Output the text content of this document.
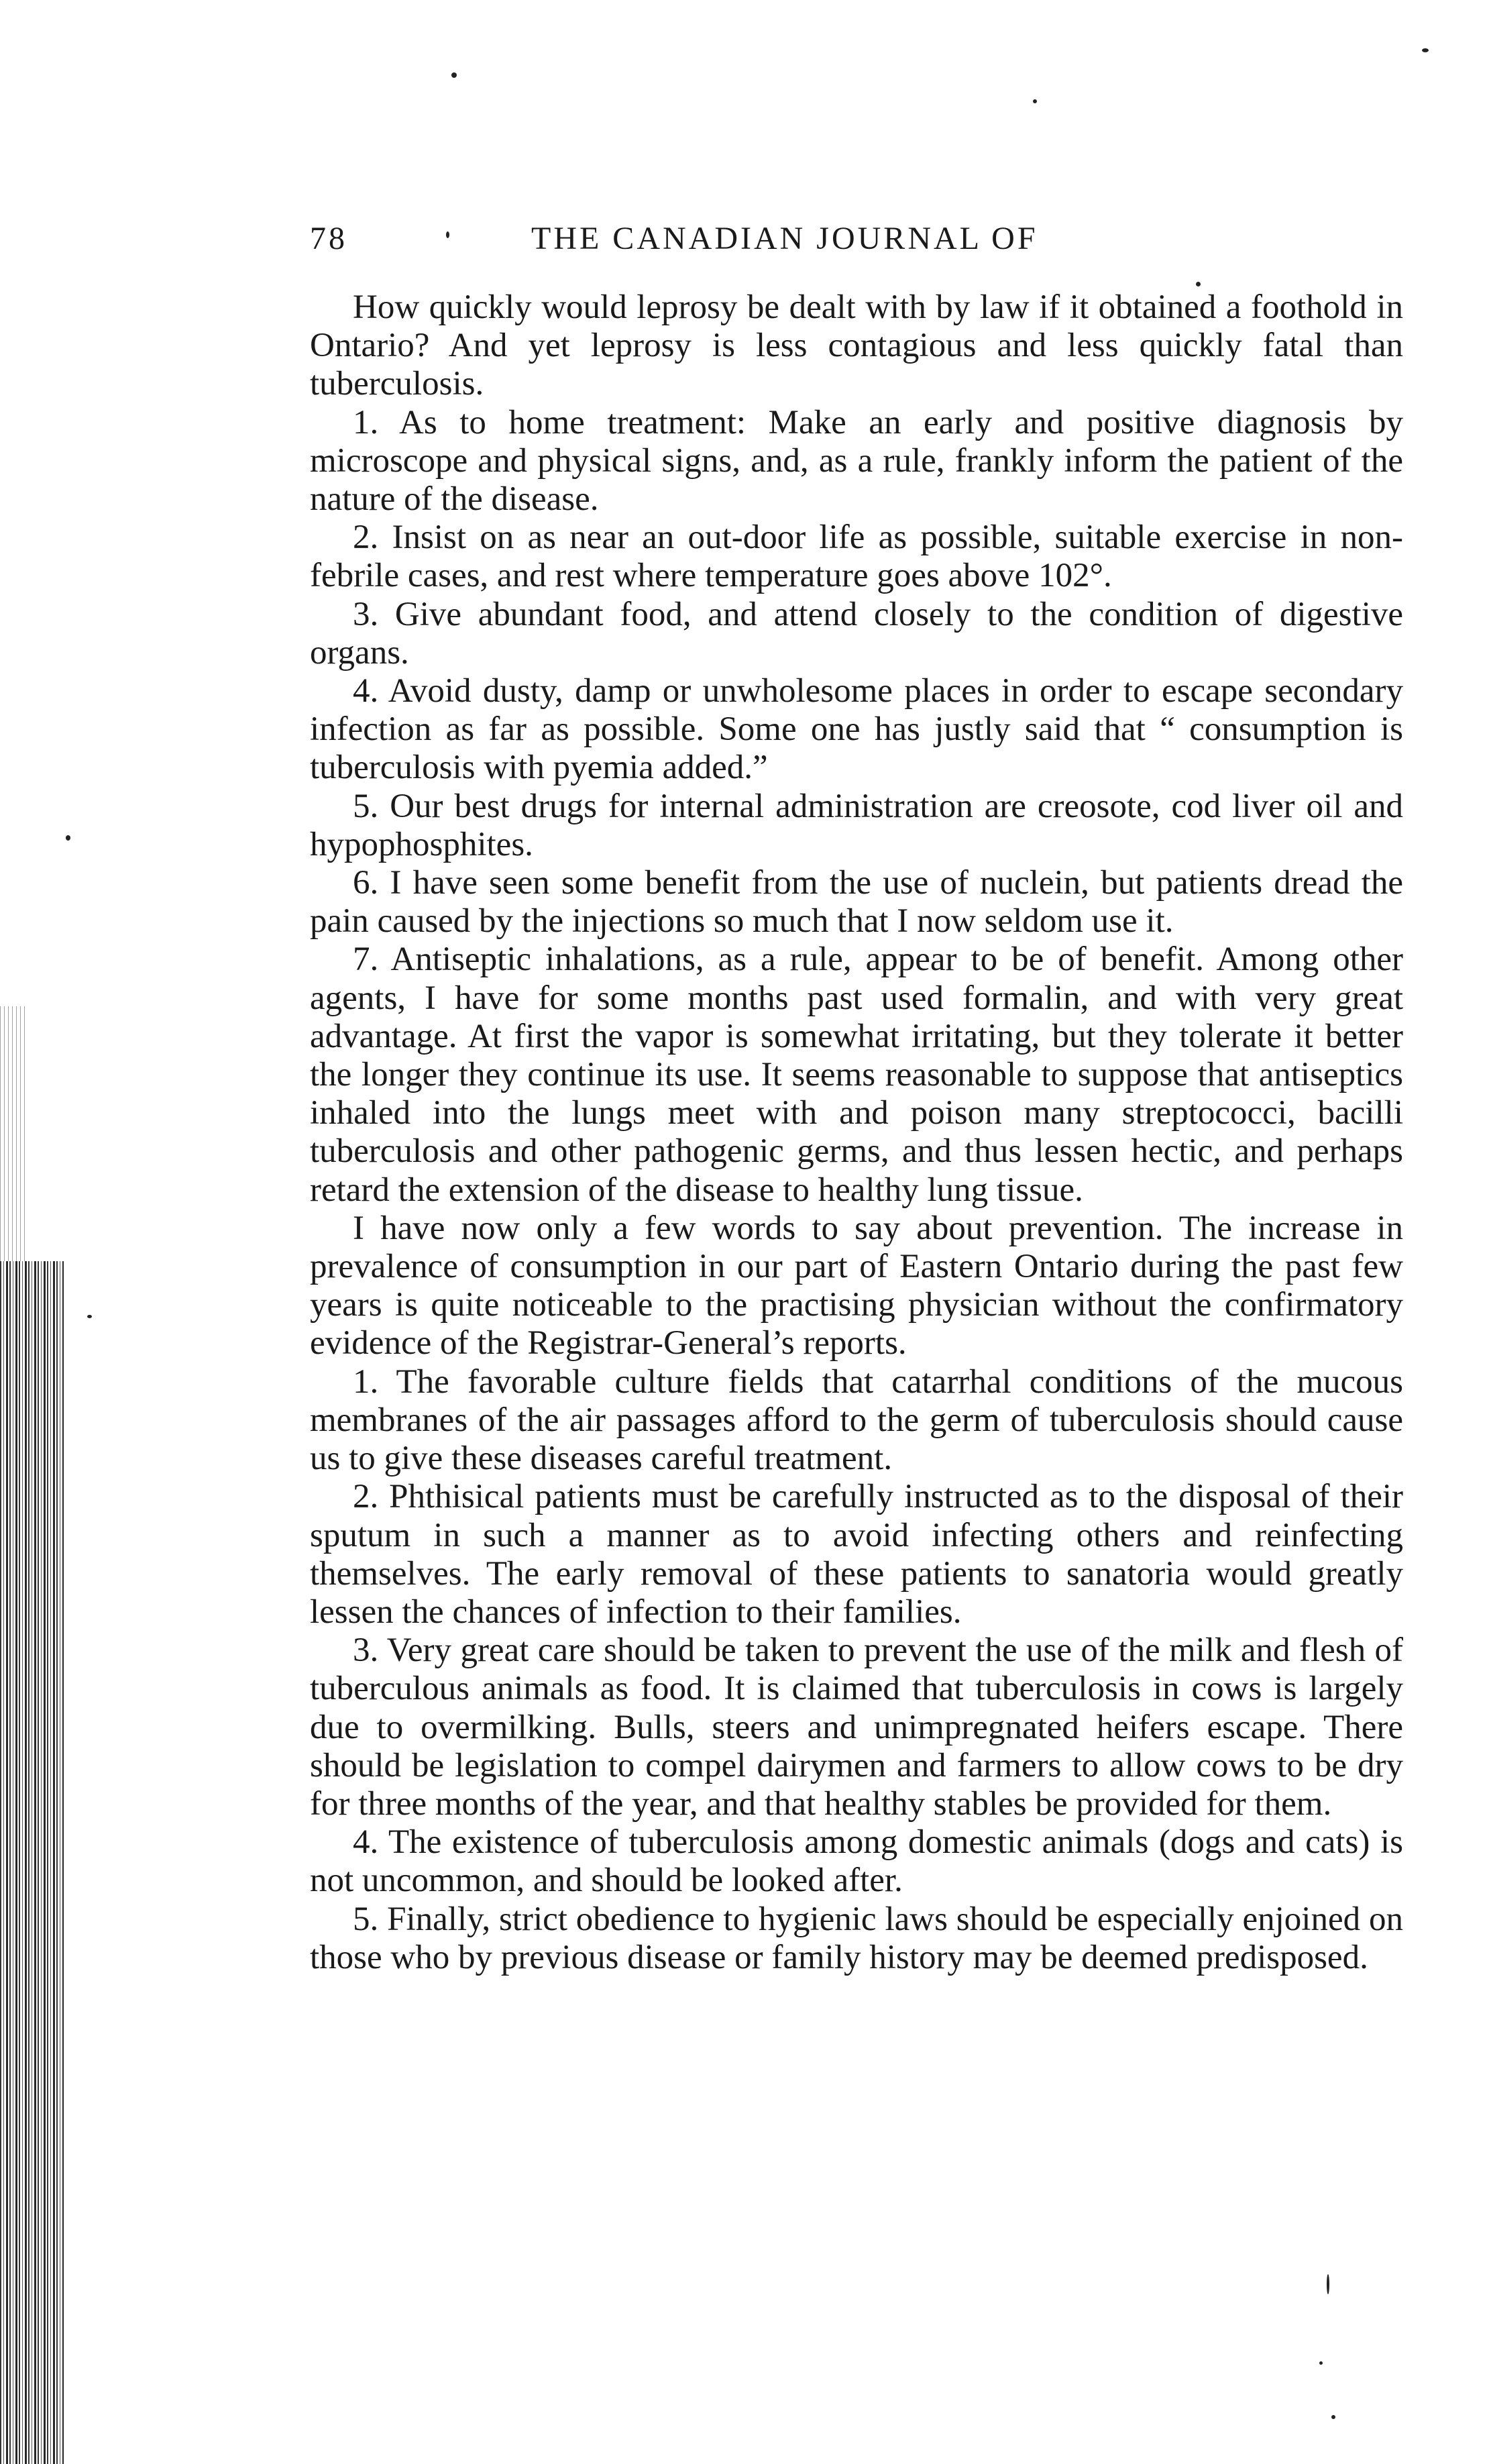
78	THE CANADIAN JOURNAL OF

How quickly would leprosy be dealt with by law if it obtained a foothold in Ontario? And yet leprosy is less contagious and less quickly fatal than tuberculosis.

1. As to home treatment: Make an early and positive diagnosis by microscope and physical signs, and, as a rule, frankly inform the patient of the nature of the disease.

2. Insist on as near an out-door life as possible, suitable exercise in non-febrile cases, and rest where temperature goes above 102°.

3. Give abundant food, and attend closely to the condition of digestive organs.

4. Avoid dusty, damp or unwholesome places in order to escape secondary infection as far as possible. Some one has justly said that “ consumption is tuberculosis with pyemia added.”

5. Our best drugs for internal administration are creosote, cod liver oil and hypophosphites.

6. I have seen some benefit from the use of nuclein, but patients dread the pain caused by the injections so much that I now seldom use it.

7. Antiseptic inhalations, as a rule, appear to be of benefit. Among other agents, I have for some months past used formalin, and with very great advantage. At first the vapor is somewhat irritating, but they tolerate it better the longer they continue its use. It seems reasonable to suppose that antiseptics inhaled into the lungs meet with and poison many streptococci, bacilli tuberculosis and other pathogenic germs, and thus lessen hectic, and perhaps retard the extension of the disease to healthy lung tissue.

I have now only a few words to say about prevention. The increase in prevalence of consumption in our part of Eastern Ontario during the past few years is quite noticeable to the practising physician without the confirmatory evidence of the Registrar-General’s reports.

1. The favorable culture fields that catarrhal conditions of the mucous membranes of the air passages afford to the germ of tuberculosis should cause us to give these diseases careful treatment.

2. Phthisical patients must be carefully instructed as to the disposal of their sputum in such a manner as to avoid infecting others and reinfecting themselves. The early removal of these patients to sanatoria would greatly lessen the chances of infection to their families.

3. Very great care should be taken to prevent the use of the milk and flesh of tuberculous animals as food. It is claimed that tuberculosis in cows is largely due to overmilking. Bulls, steers and unimpregnated heifers escape. There should be legislation to compel dairymen and farmers to allow cows to be dry for three months of the year, and that healthy stables be provided for them.

4. The existence of tuberculosis among domestic animals (dogs and cats) is not uncommon, and should be looked after.

5. Finally, strict obedience to hygienic laws should be especially enjoined on those who by previous disease or family history may be deemed predisposed.
